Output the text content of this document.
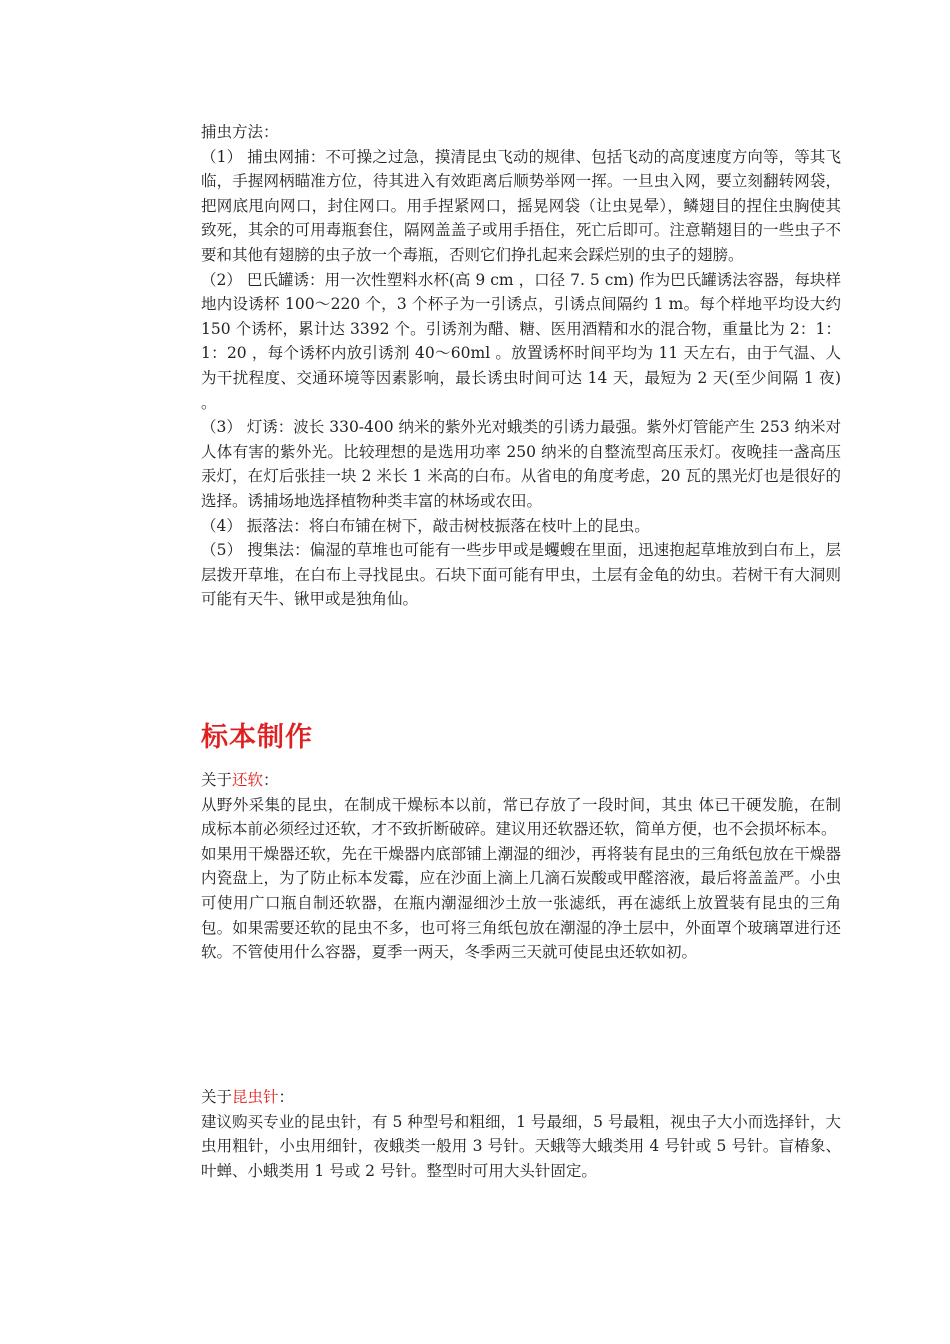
捕虫方法：

（1） 捕虫网捕：不可操之过急，摸清昆虫飞动的规律、包括飞动的高度速度方向等，等其飞临，手握网柄瞄准方位，待其进入有效距离后顺势举网一挥。一旦虫入网，要立刻翻转网袋，把网底甩向网口，封住网口。用手捏紧网口，摇晃网袋（让虫晃晕），鳞翅目的捏住虫胸使其致死，其余的可用毒瓶套住，隔网盖盖子或用手捂住，死亡后即可。注意鞘翅目的一些虫子不要和其他有翅膀的虫子放一个毒瓶，否则它们挣扎起来会踩烂别的虫子的翅膀。

（2） 巴氏罐诱：用一次性塑料水杯(高 9 cm ，口径 7. 5 cm) 作为巴氏罐诱法容器，每块样地内设诱杯 100～220 个，3 个杯子为一引诱点，引诱点间隔约 1 m。每个样地平均设大约 150 个诱杯，累计达 3392 个。引诱剂为醋、糖、医用酒精和水的混合物，重量比为 2：1：1：20 ，每个诱杯内放引诱剂 40～60ml 。放置诱杯时间平均为 11 天左右，由于气温、人为干扰程度、交通环境等因素影响，最长诱虫时间可达 14 天，最短为 2 天(至少间隔 1 夜) 。

（3） 灯诱：波长 330-400 纳米的紫外光对蛾类的引诱力最强。紫外灯管能产生 253 纳米对人体有害的紫外光。比较理想的是选用功率 250 纳米的自整流型高压汞灯。夜晚挂一盏高压汞灯，在灯后张挂一块 2 米长 1 米高的白布。从省电的角度考虑，20 瓦的黑光灯也是很好的选择。诱捕场地选择植物种类丰富的林场或农田。

（4） 振落法：将白布铺在树下，敲击树枝振落在枝叶上的昆虫。

（5） 搜集法：偏湿的草堆也可能有一些步甲或是蠼螋在里面，迅速抱起草堆放到白布上，层层拨开草堆，在白布上寻找昆虫。石块下面可能有甲虫，土层有金龟的幼虫。若树干有大洞则可能有天牛、锹甲或是独角仙。

标本制作

关于还软：

从野外采集的昆虫，在制成干燥标本以前，常已存放了一段时间，其虫 体已干硬发脆，在制成标本前必须经过还软，才不致折断破碎。建议用还软器还软，简单方便，也不会损坏标本。

如果用干燥器还软，先在干燥器内底部铺上潮湿的细沙，再将装有昆虫的三角纸包放在干燥器内瓷盘上，为了防止标本发霉，应在沙面上滴上几滴石炭酸或甲醛溶液，最后将盖盖严。小虫可使用广口瓶自制还软器，在瓶内潮湿细沙土放一张滤纸，再在滤纸上放置装有昆虫的三角包。如果需要还软的昆虫不多，也可将三角纸包放在潮湿的净土层中，外面罩个玻璃罩进行还软。不管使用什么容器，夏季一两天，冬季两三天就可使昆虫还软如初。

关于昆虫针：

建议购买专业的昆虫针，有 5 种型号和粗细，1 号最细，5 号最粗，视虫子大小而选择针，大虫用粗针，小虫用细针，夜蛾类一般用 3 号针。天蛾等大蛾类用 4 号针或 5 号针。盲椿象、叶蝉、小蛾类用 1 号或 2 号针。整型时可用大头针固定。
